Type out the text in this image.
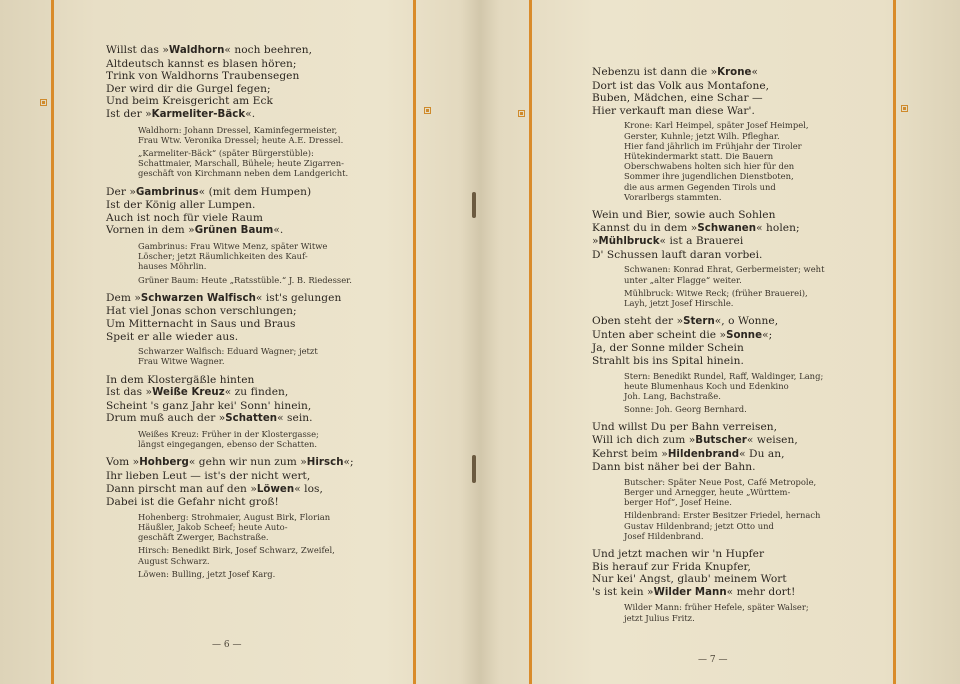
Willst das »Waldhorn« noch beehren,
Altdeutsch kannst es blasen hören;
Trink von Waldhorns Traubensegen
Der wird dir die Gurgel fegen;
Und beim Kreisgericht am Eck
Ist der »Karmeliter-Bäck«.
Waldhorn: Johann Dressel, Kaminfegermeister,
Frau Wtw. Veronika Dressel; heute A.E. Dressel.
„Karmeliter-Bäck“ (später Bürgerstüble):
Schattmaier, Marschall, Bühele; heute Zigarren-
geschäft von Kirchmann neben dem Landgericht.
Der »Gambrinus« (mit dem Humpen)
Ist der König aller Lumpen.
Auch ist noch für viele Raum
Vornen in dem »Grünen Baum«.
Gambrinus: Frau Witwe Menz, später Witwe
Löscher; jetzt Räumlichkeiten des Kauf-
hauses Möhrlin.
Grüner Baum: Heute „Ratsstüble.“ J. B. Riedesser.
Dem »Schwarzen Walfisch« ist's gelungen
Hat viel Jonas schon verschlungen;
Um Mitternacht in Saus und Braus
Speit er alle wieder aus.
Schwarzer Walfisch: Eduard Wagner; jetzt
Frau Witwe Wagner.
In dem Klostergäßle hinten
Ist das »Weiße Kreuz« zu finden,
Scheint 's ganz Jahr kei' Sonn' hinein,
Drum muß auch der »Schatten« sein.
Weißes Kreuz: Früher in der Klostergasse;
längst eingegangen, ebenso der Schatten.
Vom »Hohberg« gehn wir nun zum »Hirsch«;
Ihr lieben Leut — ist's der nicht wert,
Dann pirscht man auf den »Löwen« los,
Dabei ist die Gefahr nicht groß!
Hohenberg: Strohmaier, August Birk, Florian
Häußler, Jakob Scheef; heute Auto-
geschäft Zwerger, Bachstraße.
Hirsch: Benedikt Birk, Josef Schwarz, Zweifel,
August Schwarz.
Löwen: Bulling, jetzt Josef Karg.
— 6 —
Nebenzu ist dann die »Krone«
Dort ist das Volk aus Montafone,
Buben, Mädchen, eine Schar —
Hier verkauft man diese War'.
Krone: Karl Heimpel, später Josef Heimpel,
Gerster, Kuhnle; jetzt Wilh. Pfleghar.
Hier fand jährlich im Frühjahr der Tiroler
Hütekindermarkt statt. Die Bauern
Oberschwabens holten sich hier für den
Sommer ihre jugendlichen Dienstboten,
die aus armen Gegenden Tirols und
Vorarlbergs stammten.
Wein und Bier, sowie auch Sohlen
Kannst du in dem »Schwanen« holen;
»Mühlbruck« ist a Brauerei
D' Schussen lauft daran vorbei.
Schwanen: Konrad Ehrat, Gerbermeister; weht
unter „alter Flagge“ weiter.
Mühlbruck: Witwe Reck; (früher Brauerei),
Layh, jetzt Josef Hirschle.
Oben steht der »Stern«, o Wonne,
Unten aber scheint die »Sonne«;
Ja, der Sonne milder Schein
Strahlt bis ins Spital hinein.
Stern: Benedikt Rundel, Raff, Waldinger, Lang;
heute Blumenhaus Koch und Edenkino
Joh. Lang, Bachstraße.
Sonne: Joh. Georg Bernhard.
Und willst Du per Bahn verreisen,
Will ich dich zum »Butscher« weisen,
Kehrst beim »Hildenbrand« Du an,
Dann bist näher bei der Bahn.
Butscher: Später Neue Post, Café Metropole,
Berger und Arnegger, heute „Württem-
berger Hof“, Josef Heine.
Hildenbrand: Erster Besitzer Friedel, hernach
Gustav Hildenbrand; jetzt Otto und
Josef Hildenbrand.
Und jetzt machen wir 'n Hupfer
Bis herauf zur Frida Knupfer,
Nur kei' Angst, glaub' meinem Wort
's ist kein »Wilder Mann« mehr dort!
Wilder Mann: früher Hefele, später Walser;
jetzt Julius Fritz.
— 7 —
